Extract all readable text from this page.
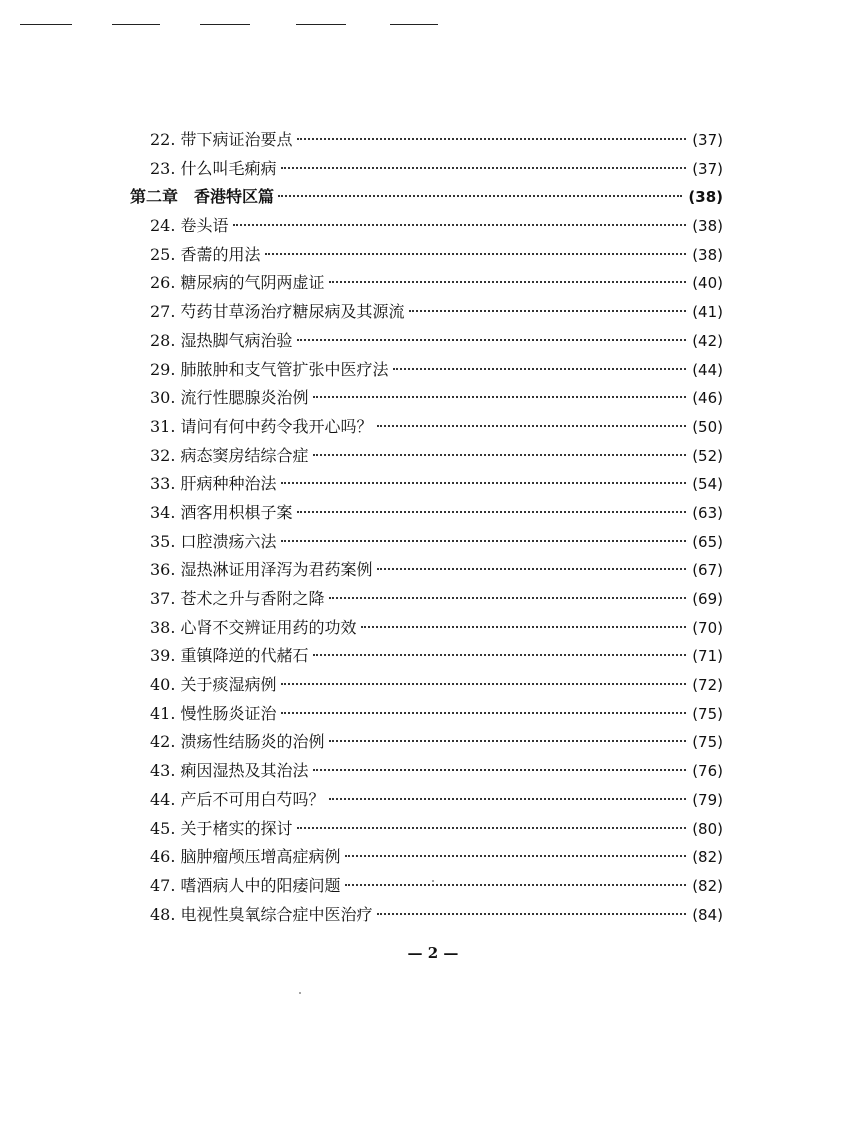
22. 带下病证治要点	(37)
23. 什么叫毛痢病	(37)
第二章　香港特区篇	(38)
24. 卷头语	(38)
25. 香薷的用法	(38)
26. 糖尿病的气阴两虚证	(40)
27. 芍药甘草汤治疗糖尿病及其源流	(41)
28. 湿热脚气病治验	(42)
29. 肺脓肿和支气管扩张中医疗法	(44)
30. 流行性腮腺炎治例	(46)
31. 请问有何中药令我开心吗？	(50)
32. 病态窦房结综合症	(52)
33. 肝病种种治法	(54)
34. 酒客用枳椇子案	(63)
35. 口腔溃疡六法	(65)
36. 湿热淋证用泽泻为君药案例	(67)
37. 苍术之升与香附之降	(69)
38. 心肾不交辨证用药的功效	(70)
39. 重镇降逆的代赭石	(71)
40. 关于痰湿病例	(72)
41. 慢性肠炎证治	(75)
42. 溃疡性结肠炎的治例	(75)
43. 痢因湿热及其治法	(76)
44. 产后不可用白芍吗？	(79)
45. 关于楮实的探讨	(80)
46. 脑肿瘤颅压增高症病例	(82)
47. 嗜酒病人中的阳痿问题	(82)
48. 电视性臭氧综合症中医治疗	(84)
— 2 —
